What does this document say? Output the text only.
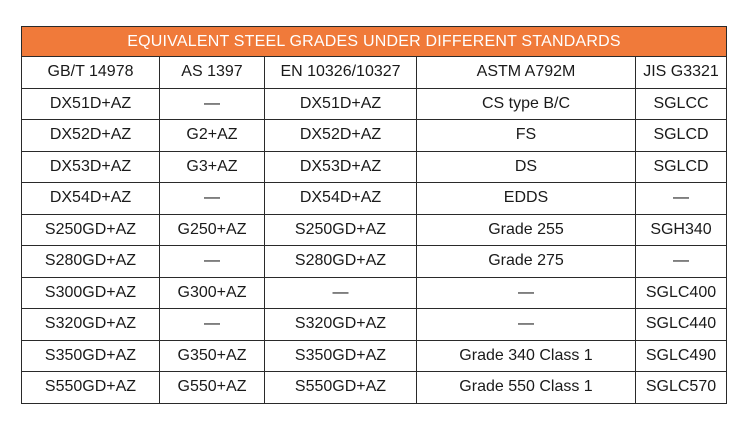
EQUIVALENT STEEL GRADES UNDER DIFFERENT STANDARDS				
GB/T 14978	AS 1397	EN 10326/10327	ASTM A792M	JIS G3321
DX51D+AZ	—	DX51D+AZ	CS type B/C	SGLCC
DX52D+AZ	G2+AZ	DX52D+AZ	FS	SGLCD
DX53D+AZ	G3+AZ	DX53D+AZ	DS	SGLCD
DX54D+AZ	—	DX54D+AZ	EDDS	—
S250GD+AZ	G250+AZ	S250GD+AZ	Grade 255	SGH340
S280GD+AZ	—	S280GD+AZ	Grade 275	—
S300GD+AZ	G300+AZ	—	—	SGLC400
S320GD+AZ	—	S320GD+AZ	—	SGLC440
S350GD+AZ	G350+AZ	S350GD+AZ	Grade 340 Class 1	SGLC490
S550GD+AZ	G550+AZ	S550GD+AZ	Grade 550 Class 1	SGLC570
